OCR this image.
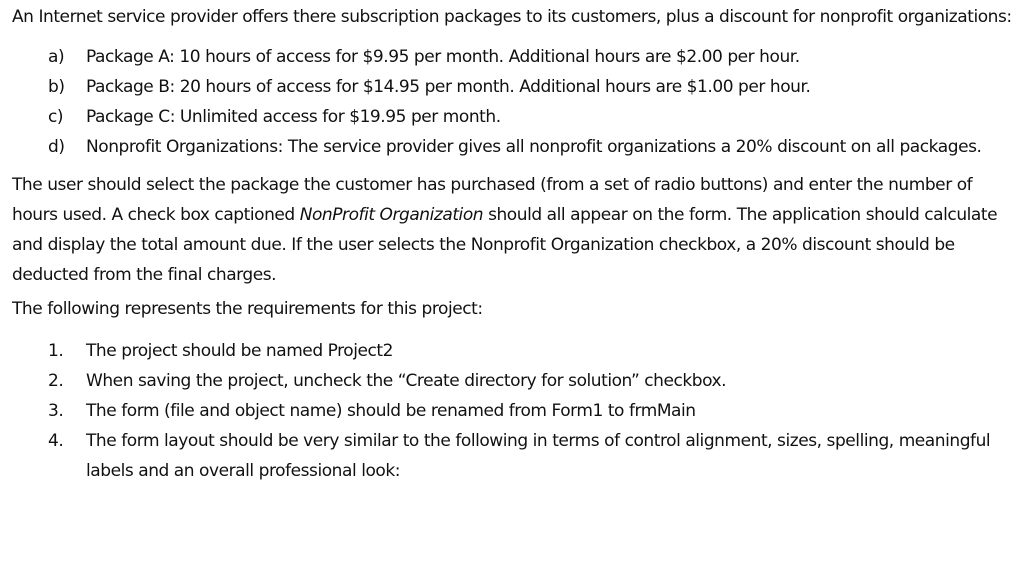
An Internet service provider offers there subscription packages to its customers, plus a discount for nonprofit organizations:

a)	Package A: 10 hours of access for $9.95 per month. Additional hours are $2.00 per hour.
b)	Package B: 20 hours of access for $14.95 per month. Additional hours are $1.00 per hour.
c)	Package C: Unlimited access for $19.95 per month.
d)	Nonprofit Organizations: The service provider gives all nonprofit organizations a 20% discount on all packages.

The user should select the package the customer has purchased (from a set of radio buttons) and enter the number of hours used. A check box captioned NonProfit Organization should all appear on the form. The application should calculate and display the total amount due. If the user selects the Nonprofit Organization checkbox, a 20% discount should be deducted from the final charges.

The following represents the requirements for this project:

1.	The project should be named Project2
2.	When saving the project, uncheck the “Create directory for solution” checkbox.
3.	The form (file and object name) should be renamed from Form1 to frmMain
4.	The form layout should be very similar to the following in terms of control alignment, sizes, spelling, meaningful labels and an overall professional look:
